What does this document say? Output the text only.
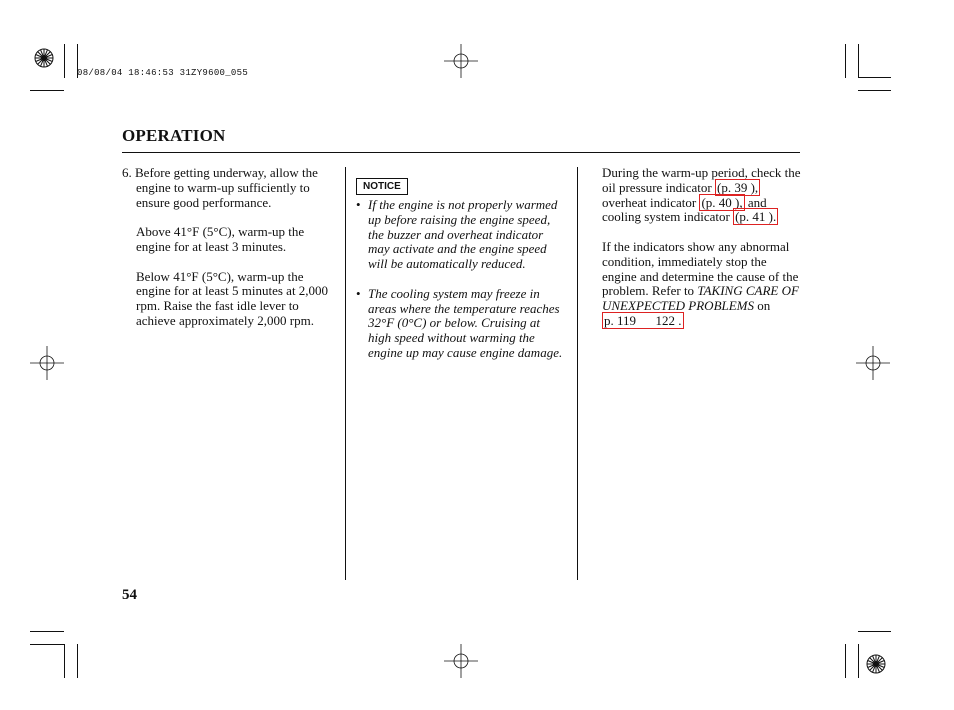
08/08/04 18:46:53 31ZY9600_055
OPERATION

6. Before getting underway, allow the engine to warm-up sufficiently to ensure good performance.

Above 41°F (5°C), warm-up the engine for at least 3 minutes.

Below 41°F (5°C), warm-up the engine for at least 5 minutes at 2,000 rpm. Raise the fast idle lever to achieve approximately 2,000 rpm.

NOTICE

• If the engine is not properly warmed up before raising the engine speed, the buzzer and overheat indicator may activate and the engine speed will be automatically reduced.

• The cooling system may freeze in areas where the temperature reaches 32°F (0°C) or below. Cruising at high speed without warming the engine up may cause engine damage.

During the warm-up period, check the oil pressure indicator (p. 39 ), overheat indicator (p. 40 ), and cooling system indicator (p. 41 ).

If the indicators show any abnormal condition, immediately stop the engine and determine the cause of the problem. Refer to TAKING CARE OF UNEXPECTED PROBLEMS on p. 119      122 .

54
